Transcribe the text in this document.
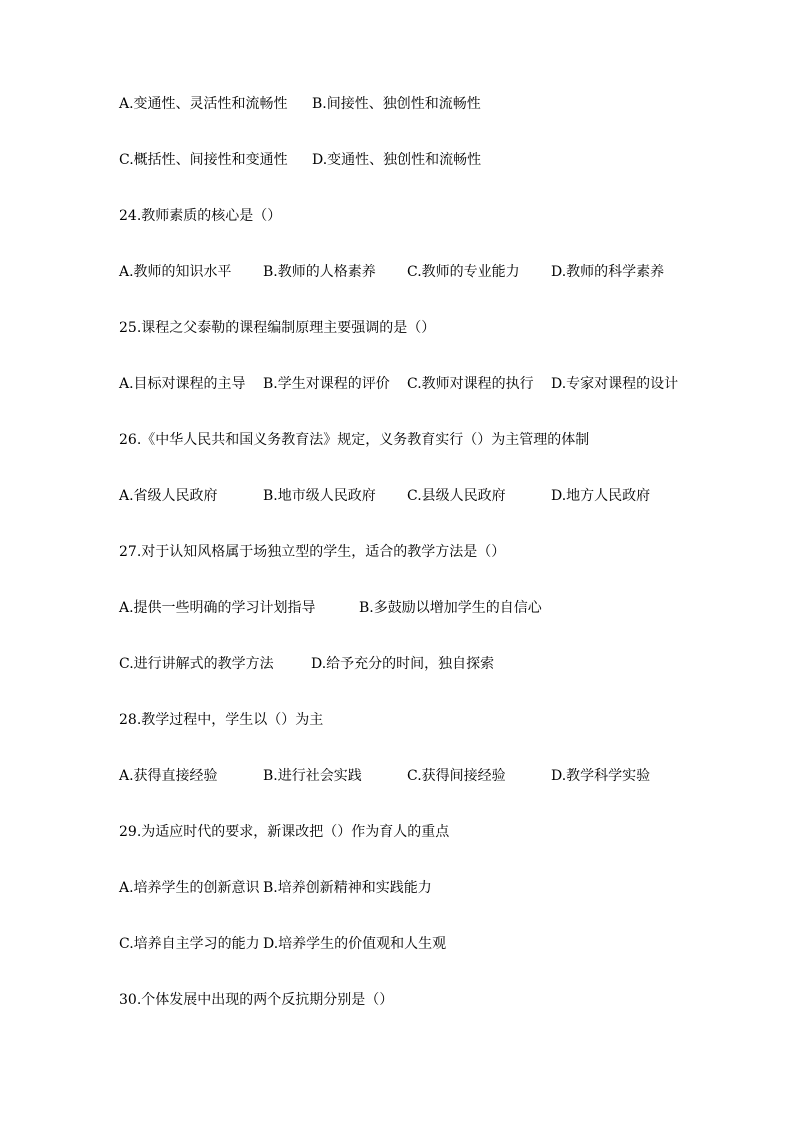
A.变通性、灵活性和流畅性 B.间接性、独创性和流畅性
C.概括性、间接性和变通性 D.变通性、独创性和流畅性
24.教师素质的核心是（）
A.教师的知识水平 B.教师的人格素养 C.教师的专业能力 D.教师的科学素养
25.课程之父泰勒的课程编制原理主要强调的是（）
A.目标对课程的主导 B.学生对课程的评价 C.教师对课程的执行 D.专家对课程的设计
26.《中华人民共和国义务教育法》规定，义务教育实行（）为主管理的体制
A.省级人民政府	B.地市级人民政府 C.县级人民政府	D.地方人民政府
27.对于认知风格属于场独立型的学生，适合的教学方法是（）
A.提供一些明确的学习计划指导	B.多鼓励以增加学生的自信心
C.进行讲解式的教学方法	D.给予充分的时间，独自探索
28.教学过程中，学生以（）为主
A.获得直接经验	B.进行社会实践	C.获得间接经验	D.教学科学实验
29.为适应时代的要求，新课改把（）作为育人的重点
A.培养学生的创新意识 B.培养创新精神和实践能力
C.培养自主学习的能力 D.培养学生的价值观和人生观
30.个体发展中出现的两个反抗期分别是（）
